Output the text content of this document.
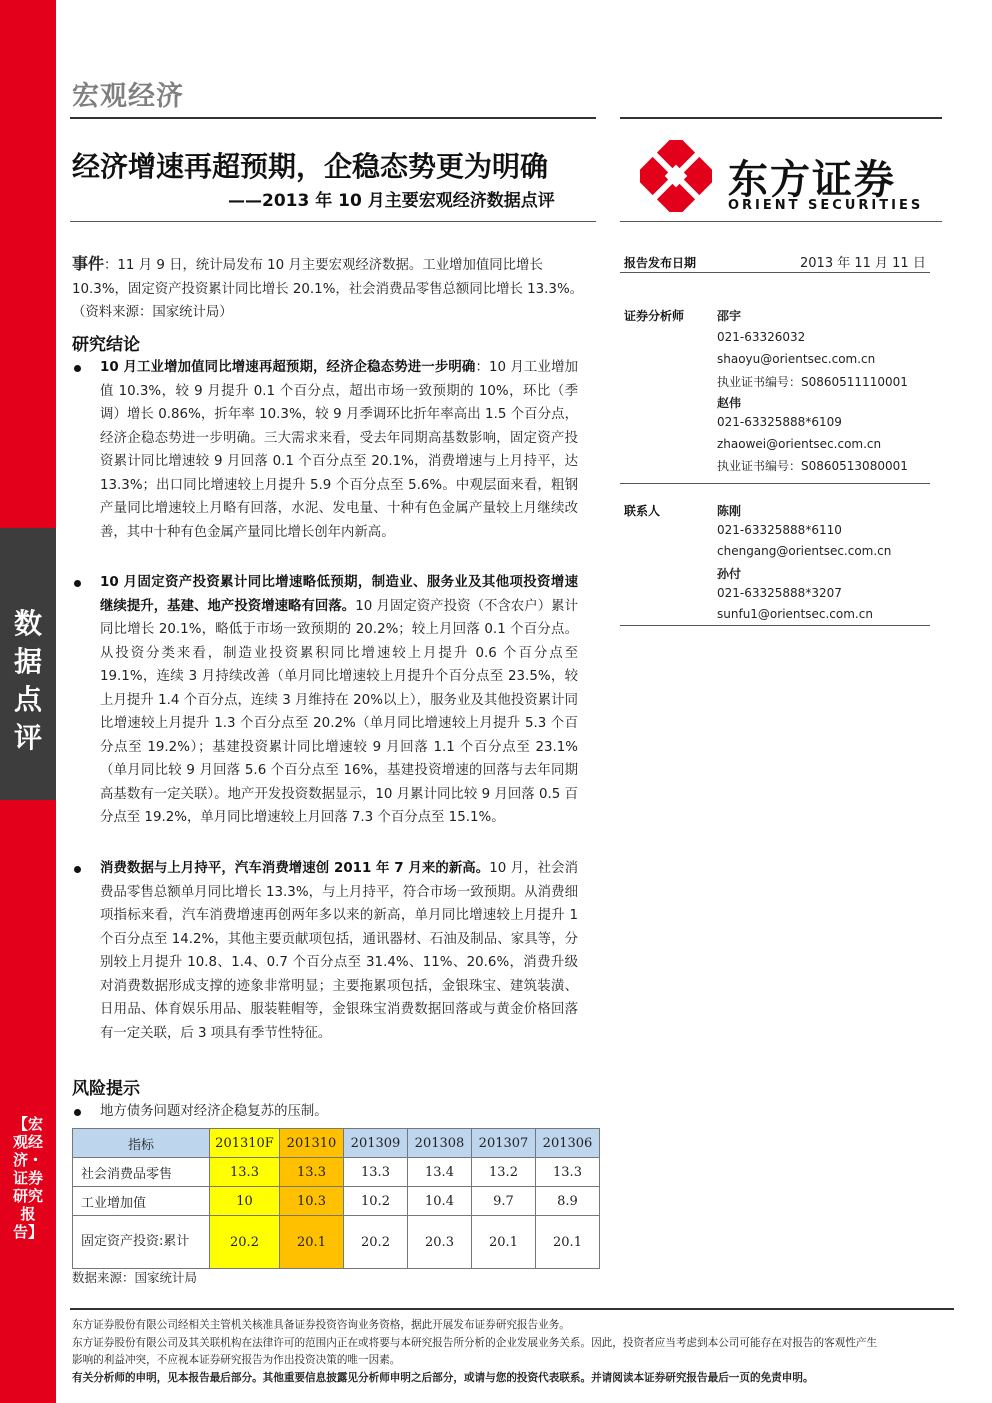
数据点评
【宏观经济・证券研究报告】
宏观经济
经济增速再超预期，企稳态势更为明确
——2013 年 10 月主要宏观经济数据点评	东方证券
ORIENT SECURITIES
事件：11 月 9 日，统计局发布 10 月主要宏观经济数据。工业增加值同比增长 10.3%，固定资产投资累计同比增长 20.1%，社会消费品零售总额同比增长 13.3%。（资料来源：国家统计局）
研究结论
10 月工业增加值同比增速再超预期，经济企稳态势进一步明确：10 月工业增加值 10.3%，较 9 月提升 0.1 个百分点，超出市场一致预期的 10%，环比（季调）增长 0.86%，折年率 10.3%，较 9 月季调环比折年率高出 1.5 个百分点，经济企稳态势进一步明确。三大需求来看，受去年同期高基数影响，固定资产投资累计同比增速较 9 月回落 0.1 个百分点至 20.1%，消费增速与上月持平，达 13.3%；出口同比增速较上月提升 5.9 个百分点至 5.6%。中观层面来看，粗钢产量同比增速较上月略有回落，水泥、发电量、十种有色金属产量较上月继续改善，其中十种有色金属产量同比增长创年内新高。
10 月固定资产投资累计同比增速略低预期，制造业、服务业及其他项投资增速继续提升，基建、地产投资增速略有回落。10 月固定资产投资（不含农户）累计同比增长 20.1%，略低于市场一致预期的 20.2%；较上月回落 0.1 个百分点。从投资分类来看，制造业投资累积同比增速较上月提升 0.6 个百分点至 19.1%，连续 3 月持续改善（单月同比增速较上月提升个百分点至 23.5%，较上月提升 1.4 个百分点，连续 3 月维持在 20%以上），服务业及其他投资累计同比增速较上月提升 1.3 个百分点至 20.2%（单月同比增速较上月提升 5.3 个百分点至 19.2%）；基建投资累计同比增速较 9 月回落 1.1 个百分点至 23.1%（单月同比较 9 月回落 5.6 个百分点至 16%，基建投资增速的回落与去年同期高基数有一定关联）。地产开发投资数据显示，10 月累计同比较 9 月回落 0.5 百分点至 19.2%，单月同比增速较上月回落 7.3 个百分点至 15.1%。
消费数据与上月持平，汽车消费增速创 2011 年 7 月来的新高。10 月，社会消费品零售总额单月同比增长 13.3%，与上月持平，符合市场一致预期。从消费细项指标来看，汽车消费增速再创两年多以来的新高，单月同比增速较上月提升 1 个百分点至 14.2%，其他主要贡献项包括，通讯器材、石油及制品、家具等，分别较上月提升 10.8、1.4、0.7 个百分点至 31.4%、11%、20.6%，消费升级对消费数据形成支撑的迹象非常明显；主要拖累项包括，金银珠宝、建筑装潢、日用品、体育娱乐用品、服装鞋帽等，金银珠宝消费数据回落或与黄金价格回落有一定关联，后 3 项具有季节性特征。
风险提示
地方债务问题对经济企稳复苏的压制。
指标	201310F	201310	201309	201308	201307	201306
社会消费品零售	13.3	13.3	13.3	13.4	13.2	13.3
工业增加值	10	10.3	10.2	10.4	9.7	8.9
固定资产投资:累计	20.2	20.1	20.2	20.3	20.1	20.1
数据来源：国家统计局
报告发布日期	2013 年 11 月 11 日
证券分析师	邵宇
021-63326032
shaoyu@orientsec.com.cn
执业证书编号：S0860511110001
赵伟
021-63325888*6109
zhaowei@orientsec.com.cn
执业证书编号：S0860513080001
联系人	陈刚
021-63325888*6110
chengang@orientsec.com.cn
孙付
021-63325888*3207
sunfu1@orientsec.com.cn
东方证券股份有限公司经相关主管机关核准具备证券投资咨询业务资格，据此开展发布证券研究报告业务。
东方证券股份有限公司及其关联机构在法律许可的范围内正在或将要与本研究报告所分析的企业发展业务关系。因此，投资者应当考虑到本公司可能存在对报告的客观性产生
影响的利益冲突，不应视本证券研究报告为作出投资决策的唯一因素。
有关分析师的申明，见本报告最后部分。其他重要信息披露见分析师申明之后部分，或请与您的投资代表联系。并请阅读本证券研究报告最后一页的免责申明。
